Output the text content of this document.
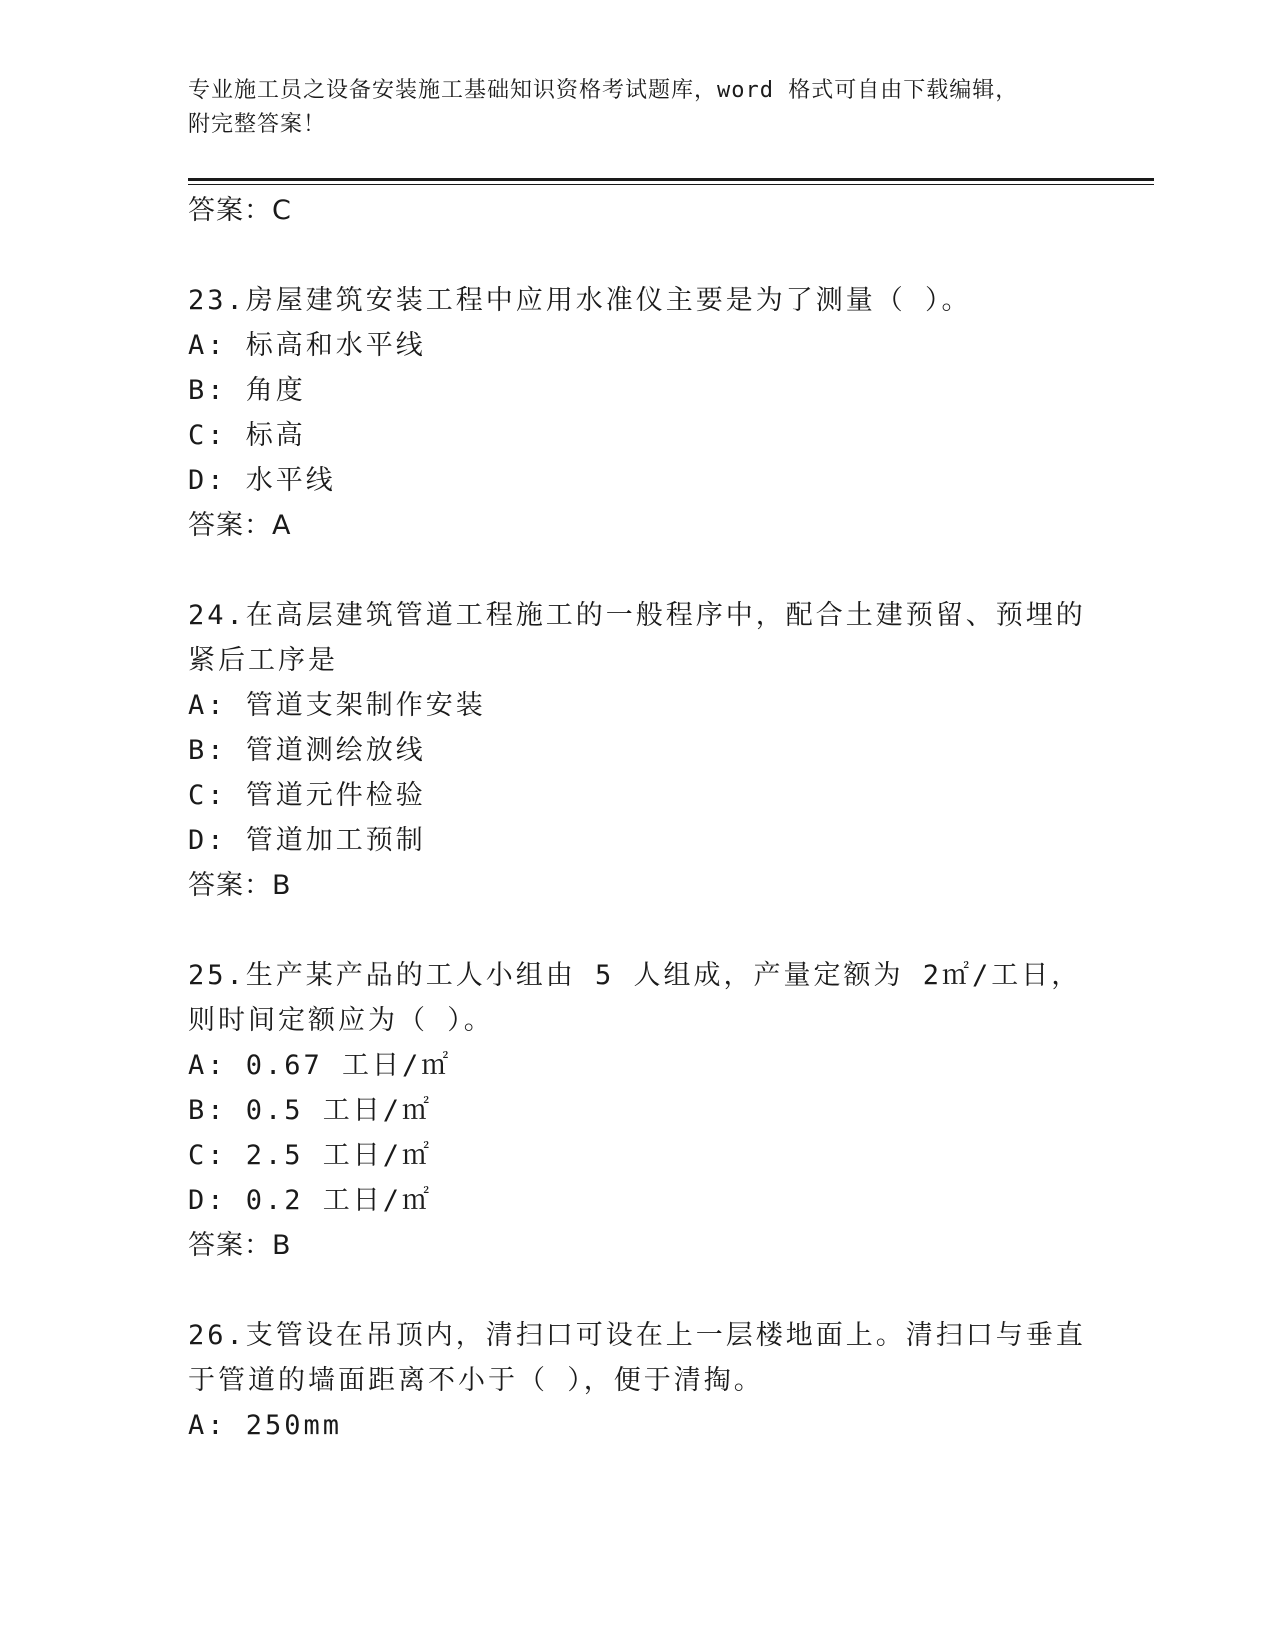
专业施工员之设备安装施工基础知识资格考试题库，word 格式可自由下载编辑，
附完整答案！
答案：C
23.房屋建筑安装工程中应用水准仪主要是为了测量（ ）。
A: 标高和水平线
B: 角度
C: 标高
D: 水平线
答案：A
24.在高层建筑管道工程施工的一般程序中，配合土建预留、预埋的紧后工序是
A: 管道支架制作安装
B: 管道测绘放线
C: 管道元件检验
D: 管道加工预制
答案：B
25.生产某产品的工人小组由 5 人组成，产量定额为 2㎡/工日，则时间定额应为（ ）。
A: 0.67 工日/㎡
B: 0.5 工日/㎡
C: 2.5 工日/㎡
D: 0.2 工日/㎡
答案：B
26.支管设在吊顶内，清扫口可设在上一层楼地面上。清扫口与垂直于管道的墙面距离不小于（ ），便于清掏。
A: 250mm
